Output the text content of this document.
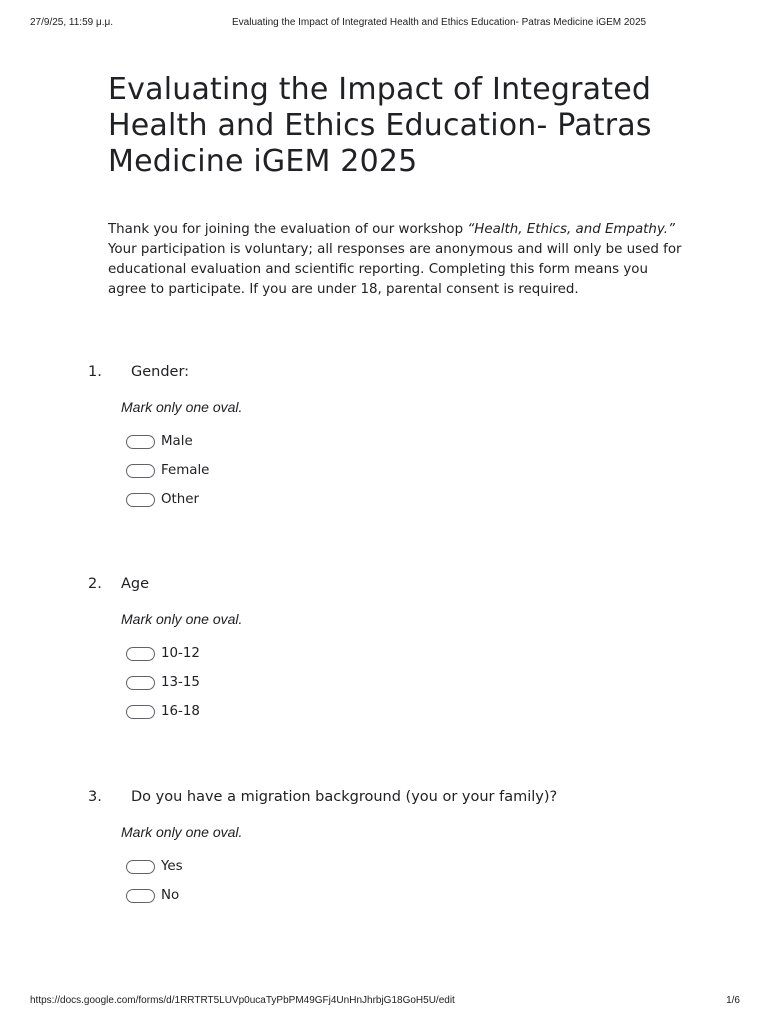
27/9/25, 11:59 μ.μ.	Evaluating the Impact of Integrated Health and Ethics Education- Patras Medicine iGEM 2025
Evaluating the Impact of Integrated Health and Ethics Education- Patras Medicine iGEM 2025

Thank you for joining the evaluation of our workshop “Health, Ethics, and Empathy.” Your participation is voluntary; all responses are anonymous and will only be used for educational evaluation and scientific reporting. Completing this form means you agree to participate. If you are under 18, parental consent is required.

1. Gender:
Mark only one oval.
Male
Female
Other
2. Age
Mark only one oval.
10-12
13-15
16-18
3. Do you have a migration background (you or your family)?
Mark only one oval.
Yes
No
https://docs.google.com/forms/d/1RRTRT5LUVp0ucaTyPbPM49GFj4UnHnJhrbjG18GoH5U/edit	1/6
